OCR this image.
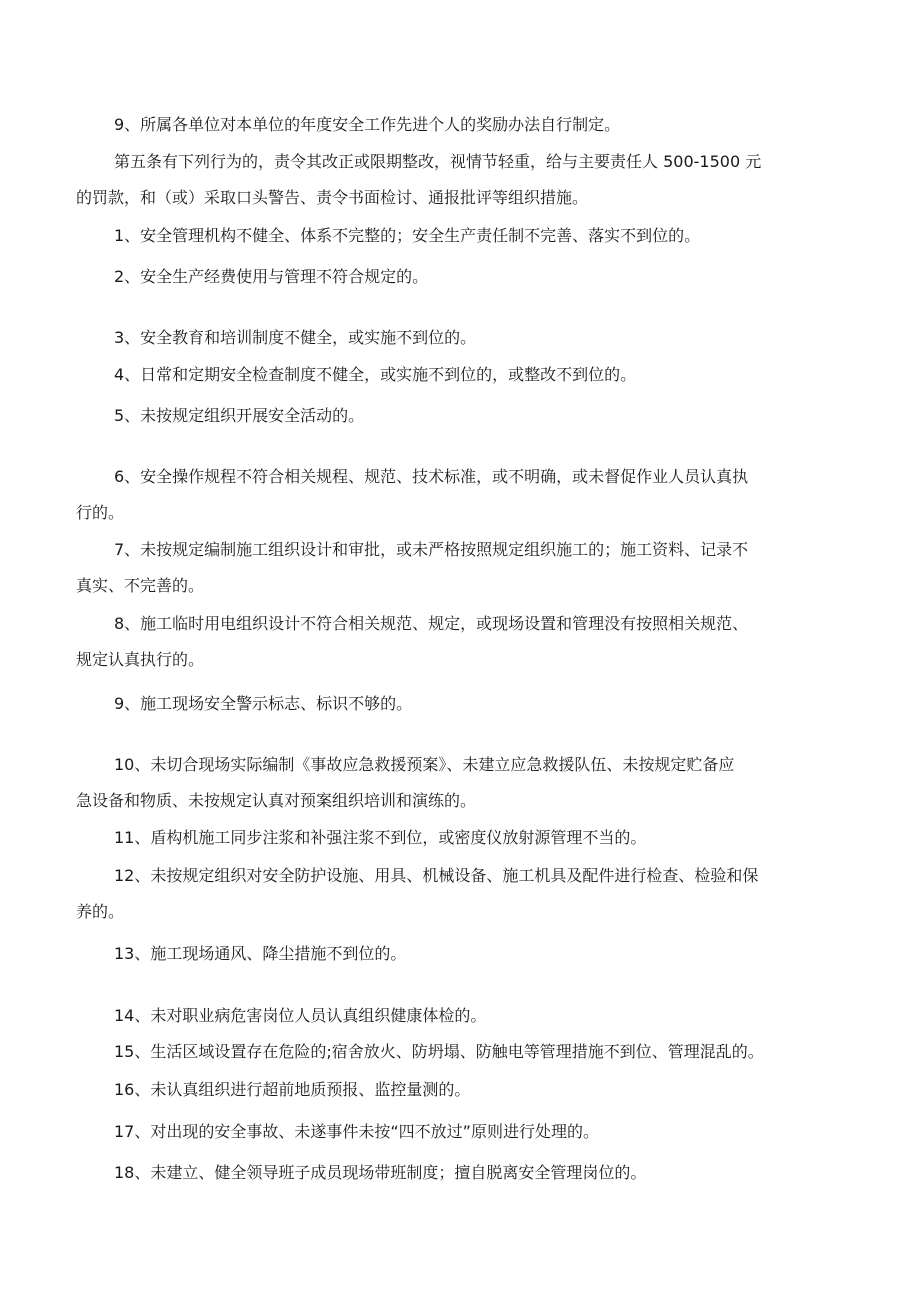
9、所属各单位对本单位的年度安全工作先进个人的奖励办法自行制定。
第五条有下列行为的，责令其改正或限期整改，视情节轻重，给与主要责任人 500-1500 元
的罚款，和（或）采取口头警告、责令书面检讨、通报批评等组织措施。
1、安全管理机构不健全、体系不完整的；安全生产责任制不完善、落实不到位的。
2、安全生产经费使用与管理不符合规定的。
3、安全教育和培训制度不健全，或实施不到位的。
4、日常和定期安全检查制度不健全，或实施不到位的，或整改不到位的。
5、未按规定组织开展安全活动的。
6、安全操作规程不符合相关规程、规范、技术标准，或不明确，或未督促作业人员认真执
行的。
7、未按规定编制施工组织设计和审批，或未严格按照规定组织施工的；施工资料、记录不
真实、不完善的。
8、施工临时用电组织设计不符合相关规范、规定，或现场设置和管理没有按照相关规范、
规定认真执行的。
9、施工现场安全警示标志、标识不够的。
10、未切合现场实际编制《事故应急救援预案》、未建立应急救援队伍、未按规定贮备应
急设备和物质、未按规定认真对预案组织培训和演练的。
11、盾构机施工同步注浆和补强注浆不到位，或密度仪放射源管理不当的。
12、未按规定组织对安全防护设施、用具、机械设备、施工机具及配件进行检查、检验和保
养的。
13、施工现场通风、降尘措施不到位的。
14、未对职业病危害岗位人员认真组织健康体检的。
15、生活区域设置存在危险的;宿舍放火、防坍塌、防触电等管理措施不到位、管理混乱的。
16、未认真组织进行超前地质预报、监控量测的。
17、对出现的安全事故、未遂事件未按“四不放过”原则进行处理的。
18、未建立、健全领导班子成员现场带班制度；擅自脱离安全管理岗位的。
